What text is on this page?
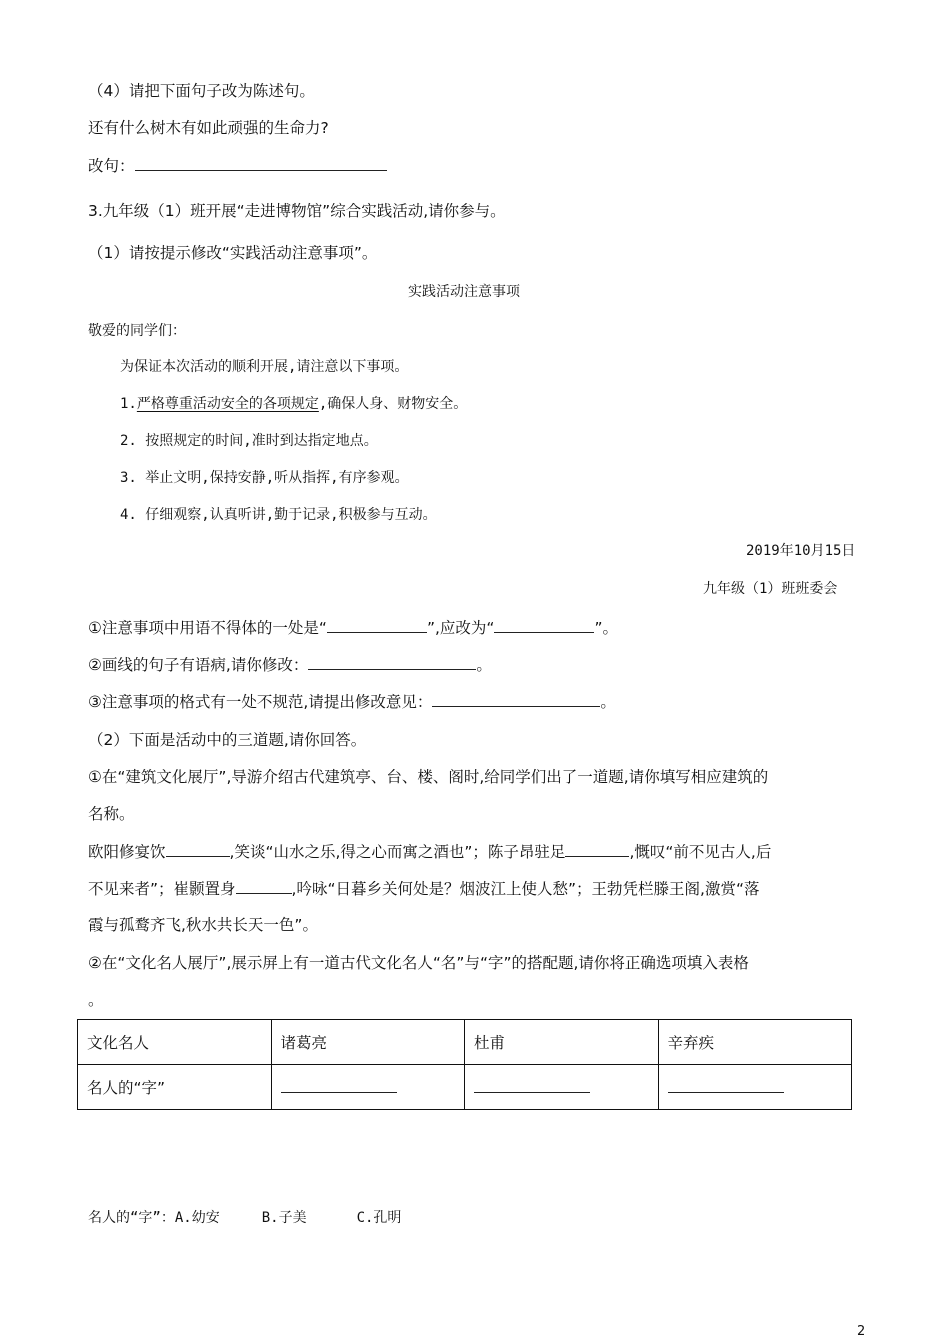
（4）请把下面句子改为陈述句。
还有什么树木有如此顽强的生命力?
改句：
3.九年级（1）班开展“走进博物馆”综合实践活动,请你参与。
（1）请按提示修改“实践活动注意事项”。
实践活动注意事项
敬爱的同学们：
为保证本次活动的顺利开展,请注意以下事项。
1.严格尊重活动安全的各项规定,确保人身、财物安全。
2. 按照规定的时间,准时到达指定地点。
3. 举止文明,保持安静,听从指挥,有序参观。
4. 仔细观察,认真听讲,勤于记录,积极参与互动。
2019年10月15日
九年级（1）班班委会
①注意事项中用语不得体的一处是“	”,应改为“	”。
②画线的句子有语病,请你修改：	。
③注意事项的格式有一处不规范,请提出修改意见：	。
（2）下面是活动中的三道题,请你回答。
①在“建筑文化展厅”,导游介绍古代建筑亭、台、楼、阁时,给同学们出了一道题,请你填写相应建筑的
名称。
欧阳修宴饮	,笑谈“山水之乐,得之心而寓之酒也”；陈子昂驻足	,慨叹“前不见古人,后
不见来者”；崔颢置身	,吟咏“日暮乡关何处是？烟波江上使人愁”；王勃凭栏滕王阁,激赏“落
霞与孤鹜齐飞,秋水共长天一色”。
②在“文化名人展厅”,展示屏上有一道古代文化名人“名”与“字”的搭配题,请你将正确选项填入表格
。
文化名人	诸葛亮	杜甫	辛弃疾
名人的“字”			
名人的“字”：A.幼安	B.子美	C.孔明
2
